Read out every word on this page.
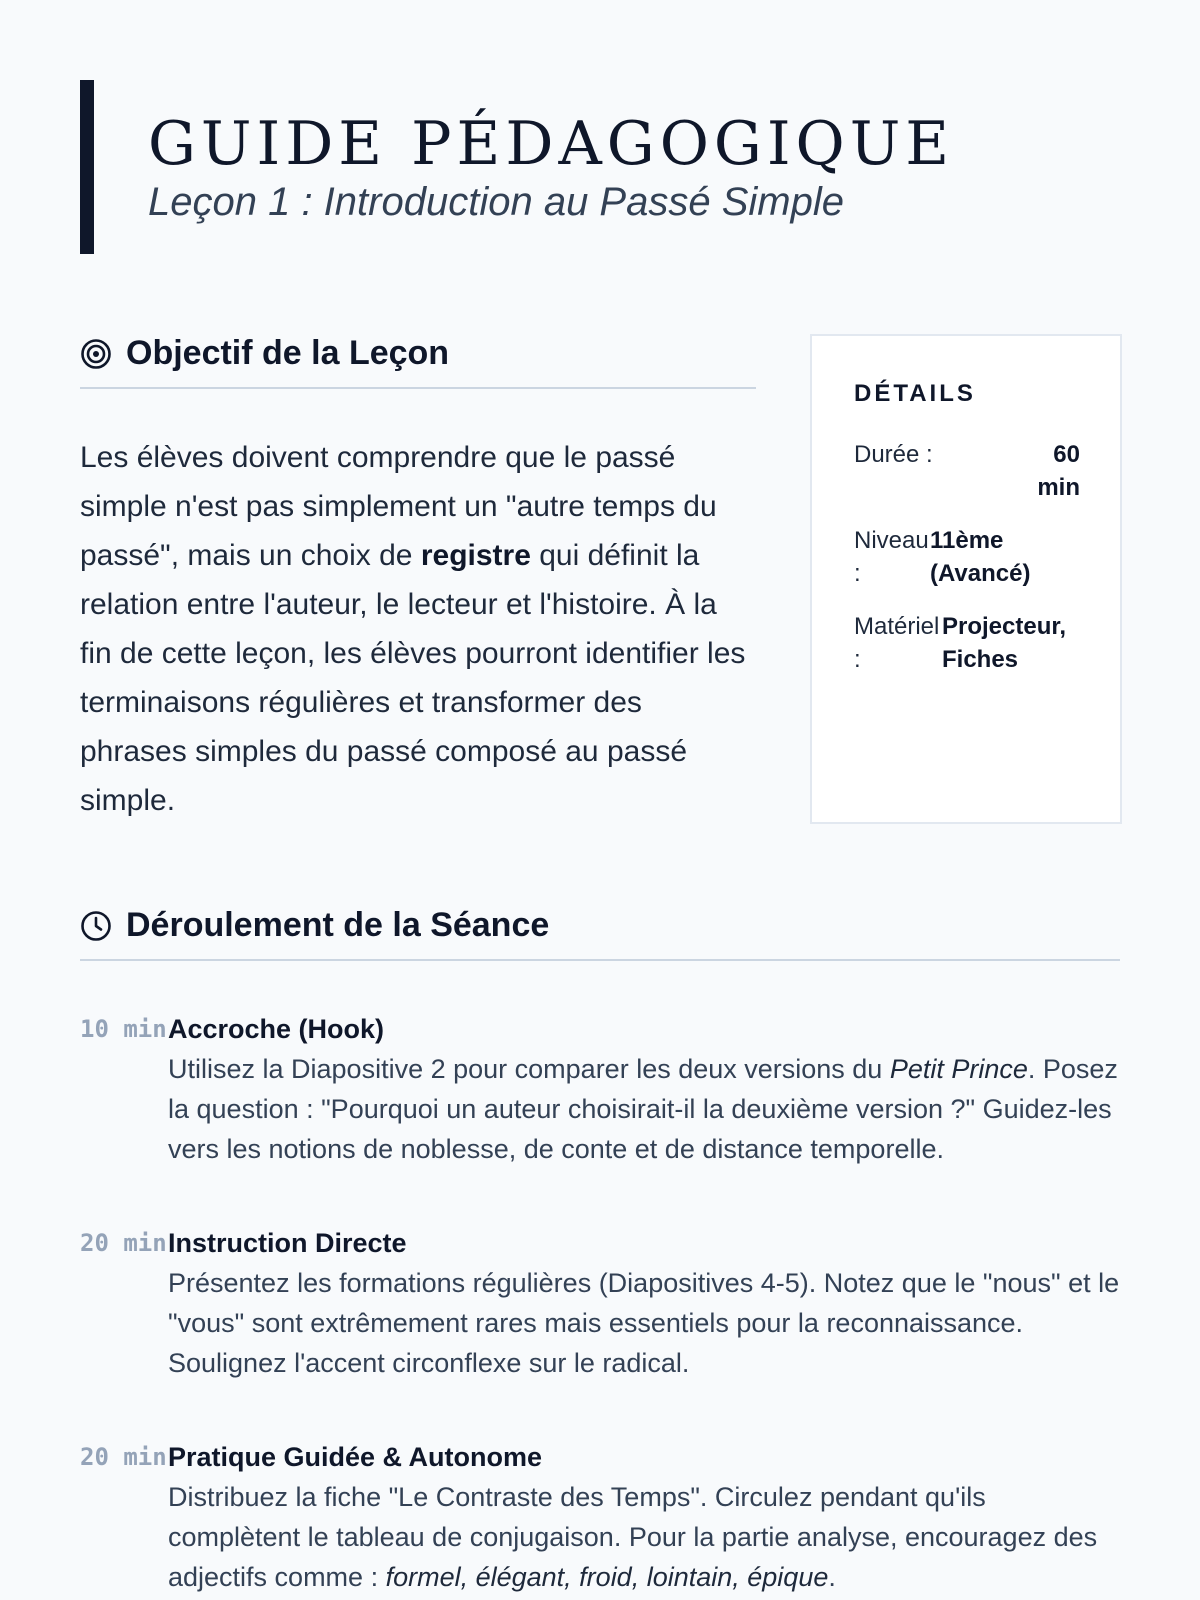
GUIDE PÉDAGOGIQUE
Leçon 1 : Introduction au Passé Simple
Objectif de la Leçon

Les élèves doivent comprendre que le passé simple n'est pas simplement un "autre temps du passé", mais un choix de registre qui définit la relation entre l'auteur, le lecteur et l'histoire. À la fin de cette leçon, les élèves pourront identifier les terminaisons régulières et transformer des phrases simples du passé composé au passé simple.

DÉTAILS
Durée :	60 min
Niveau :
11ème (Avancé)
Matériel :
Projecteur, Fiches
Déroulement de la Séance
10 min Accroche (Hook)

Utilisez la Diapositive 2 pour comparer les deux versions du Petit Prince. Posez la question : "Pourquoi un auteur choisirait-il la deuxième version ?" Guidez-les vers les notions de noblesse, de conte et de distance temporelle.

20 min Instruction Directe

Présentez les formations régulières (Diapositives 4-5). Notez que le "nous" et le "vous" sont extrêmement rares mais essentiels pour la reconnaissance. Soulignez l'accent circonflexe sur le radical.

20 min Pratique Guidée & Autonome

Distribuez la fiche "Le Contraste des Temps". Circulez pendant qu'ils complètent le tableau de conjugaison. Pour la partie analyse, encouragez des adjectifs comme : formel, élégant, froid, lointain, épique.
